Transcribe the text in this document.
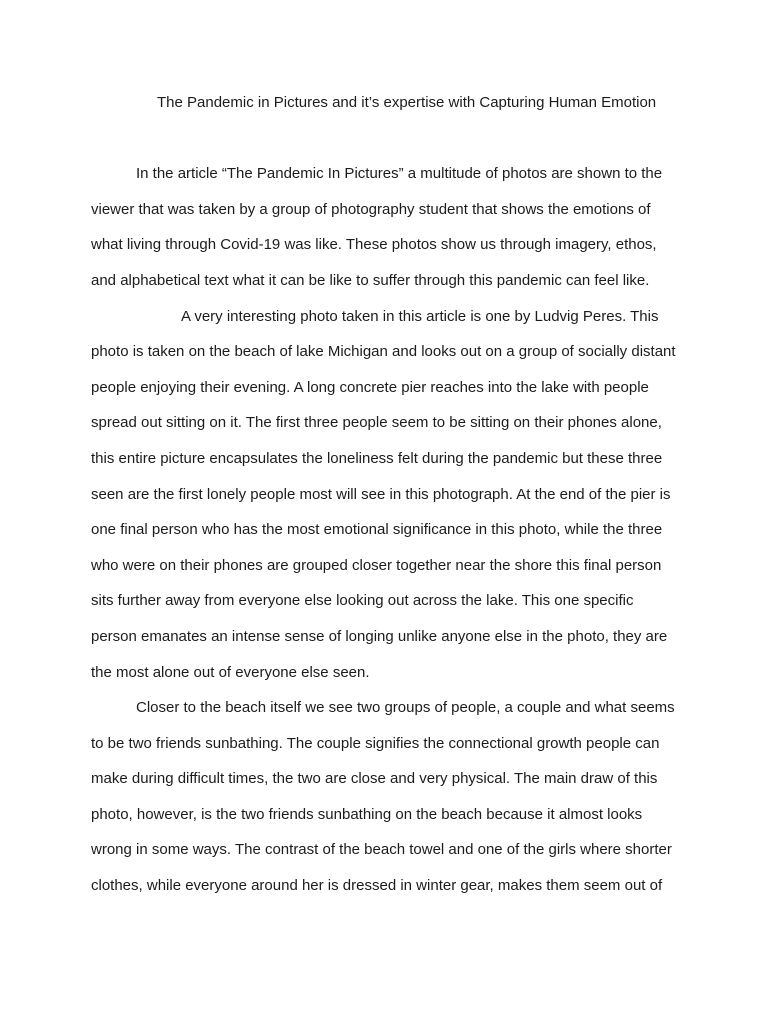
The Pandemic in Pictures and it’s expertise with Capturing Human Emotion
In the article “The Pandemic In Pictures” a multitude of photos are shown to the
viewer that was taken by a group of photography student that shows the emotions of
what living through Covid-19 was like. These photos show us through imagery, ethos,
and alphabetical text what it can be like to suffer through this pandemic can feel like.
A very interesting photo taken in this article is one by Ludvig Peres. This
photo is taken on the beach of lake Michigan and looks out on a group of socially distant
people enjoying their evening. A long concrete pier reaches into the lake with people
spread out sitting on it. The first three people seem to be sitting on their phones alone,
this entire picture encapsulates the loneliness felt during the pandemic but these three
seen are the first lonely people most will see in this photograph. At the end of the pier is
one final person who has the most emotional significance in this photo, while the three
who were on their phones are grouped closer together near the shore this final person
sits further away from everyone else looking out across the lake. This one specific
person emanates an intense sense of longing unlike anyone else in the photo, they are
the most alone out of everyone else seen.
Closer to the beach itself we see two groups of people, a couple and what seems
to be two friends sunbathing. The couple signifies the connectional growth people can
make during difficult times, the two are close and very physical. The main draw of this
photo, however, is the two friends sunbathing on the beach because it almost looks
wrong in some ways. The contrast of the beach towel and one of the girls where shorter
clothes, while everyone around her is dressed in winter gear, makes them seem out of
